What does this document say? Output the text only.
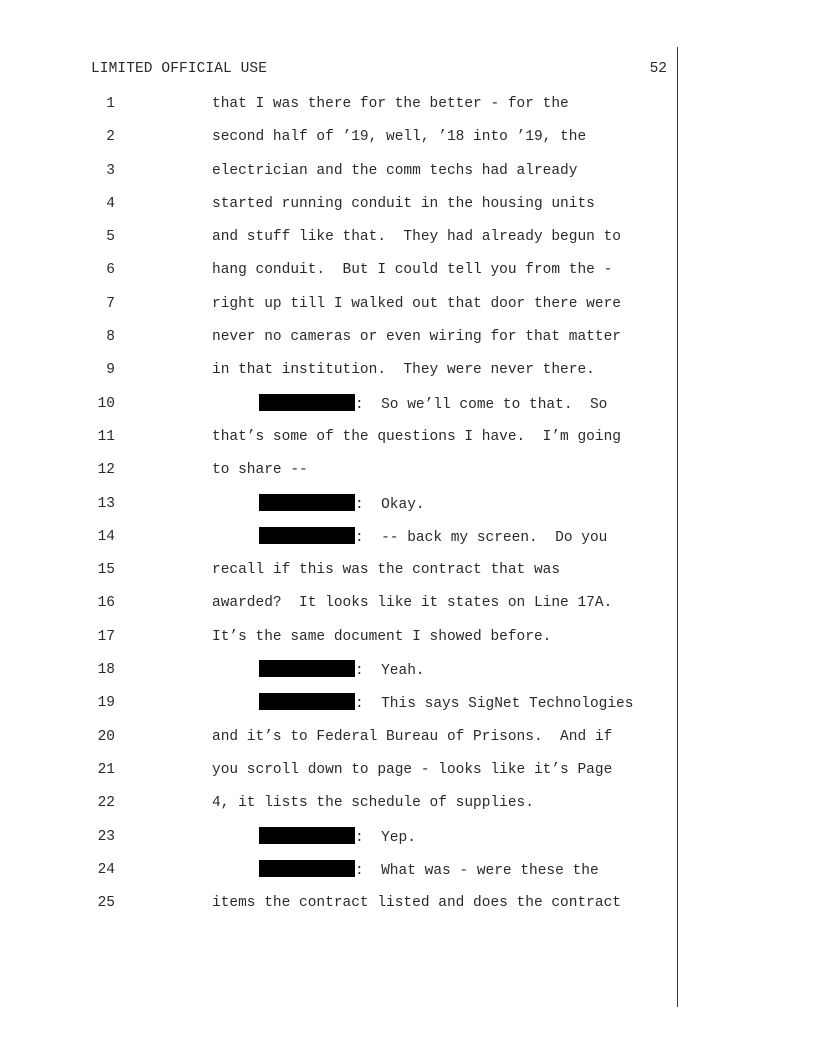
LIMITED OFFICIAL USE	52
1	that I was there for the better - for the
2	second half of ’19, well, ’18 into ’19, the
3	electrician and the comm techs had already
4	started running conduit in the housing units
5	and stuff like that.  They had already begun to
6	hang conduit.  But I could tell you from the -
7	right up till I walked out that door there were
8	never no cameras or even wiring for that matter
9	in that institution.  They were never there.
10	:  So we’ll come to that.  So
11	that’s some of the questions I have.  I’m going
12	to share --
13	:  Okay.
14	:  -- back my screen.  Do you
15	recall if this was the contract that was
16	awarded?  It looks like it states on Line 17A.
17	It’s the same document I showed before.
18	:  Yeah.
19	:  This says SigNet Technologies
20	and it’s to Federal Bureau of Prisons.  And if
21	you scroll down to page - looks like it’s Page
22	4, it lists the schedule of supplies.
23	:  Yep.
24	:  What was - were these the
25	items the contract listed and does the contract
